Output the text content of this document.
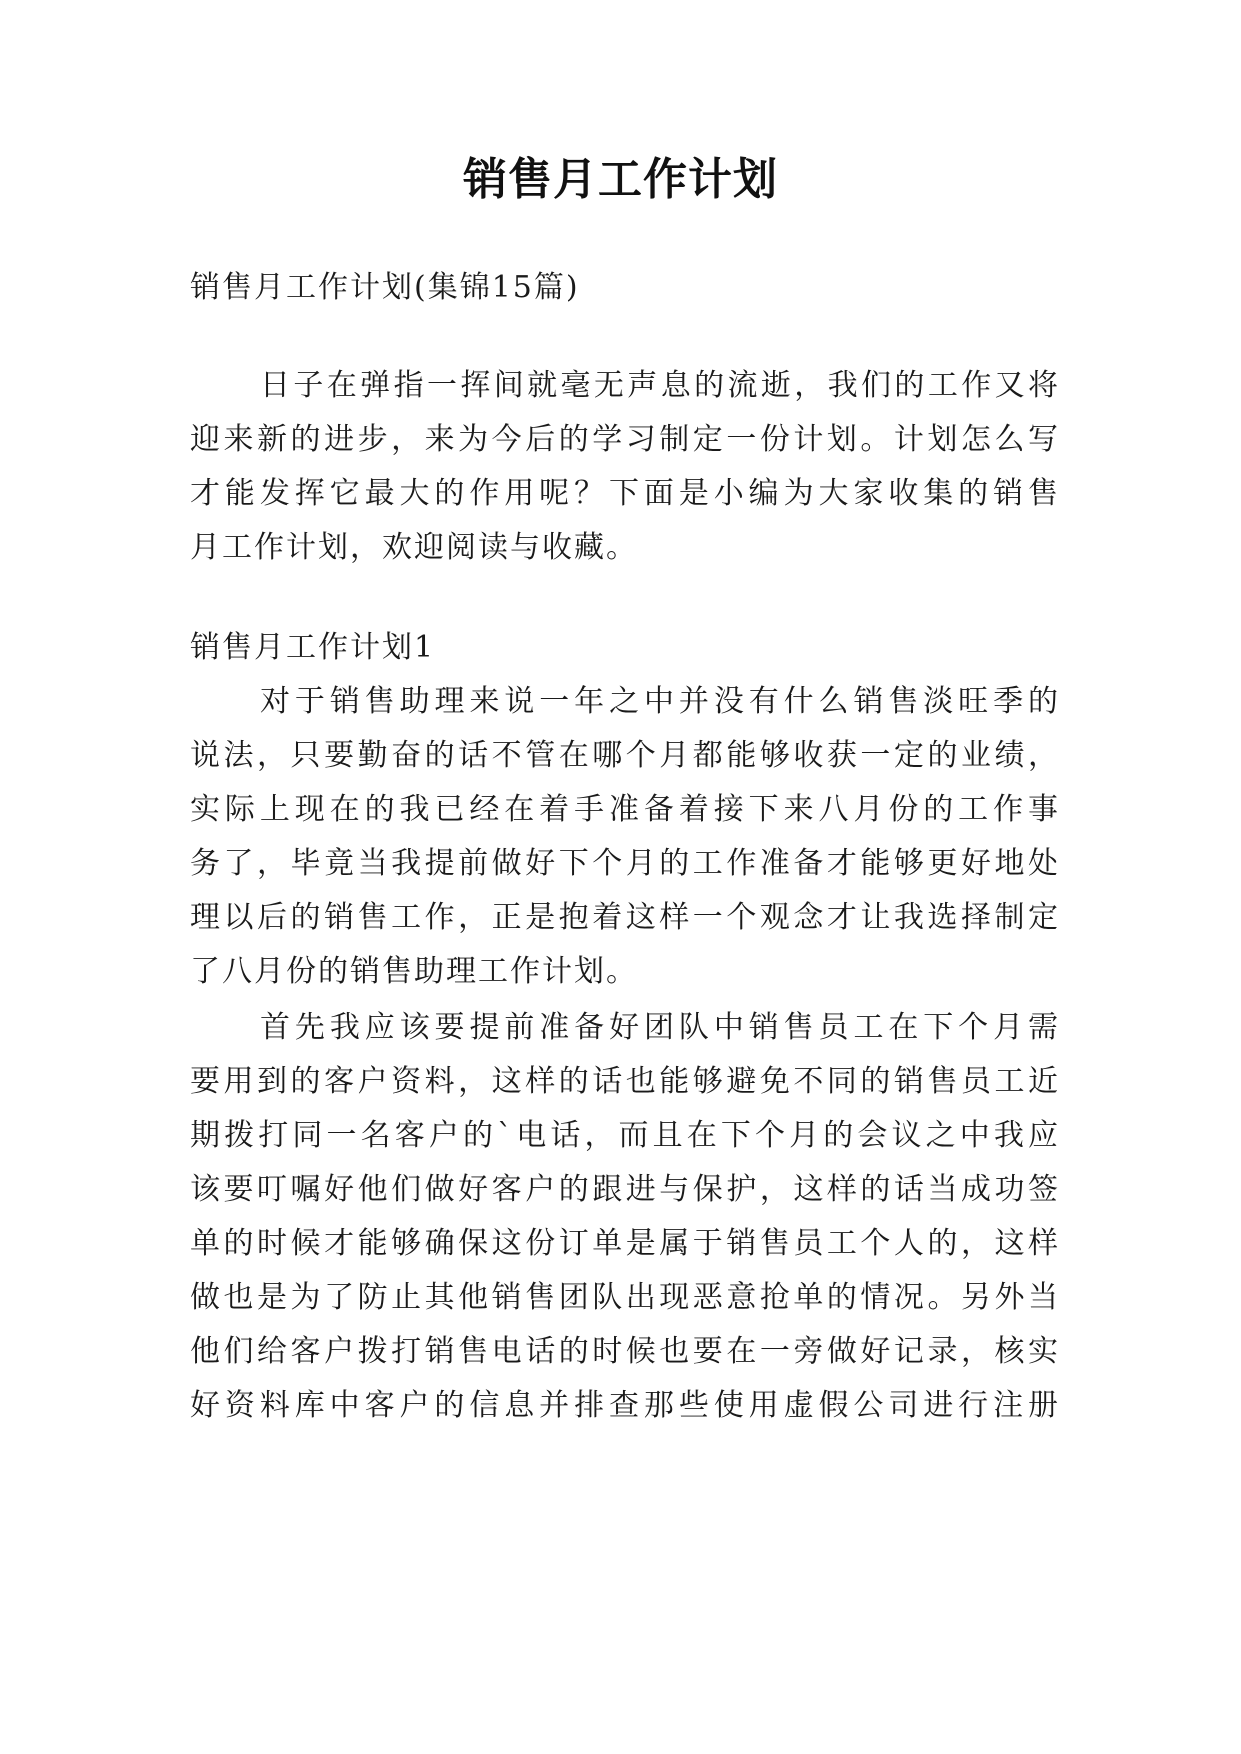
销售月工作计划
销售月工作计划(集锦15篇)
日子在弹指一挥间就毫无声息的流逝，我们的工作又将
迎来新的进步，来为今后的学习制定一份计划。计划怎么写
才能发挥它最大的作用呢？下面是小编为大家收集的销售
月工作计划，欢迎阅读与收藏。
销售月工作计划1
对于销售助理来说一年之中并没有什么销售淡旺季的
说法，只要勤奋的话不管在哪个月都能够收获一定的业绩，
实际上现在的我已经在着手准备着接下来八月份的工作事
务了，毕竟当我提前做好下个月的工作准备才能够更好地处
理以后的销售工作，正是抱着这样一个观念才让我选择制定
了八月份的销售助理工作计划。
首先我应该要提前准备好团队中销售员工在下个月需
要用到的客户资料，这样的话也能够避免不同的销售员工近
期拨打同一名客户的`电话，而且在下个月的会议之中我应
该要叮嘱好他们做好客户的跟进与保护，这样的话当成功签
单的时候才能够确保这份订单是属于销售员工个人的，这样
做也是为了防止其他销售团队出现恶意抢单的情况。另外当
他们给客户拨打销售电话的时候也要在一旁做好记录，核实
好资料库中客户的信息并排查那些使用虚假公司进行注册
